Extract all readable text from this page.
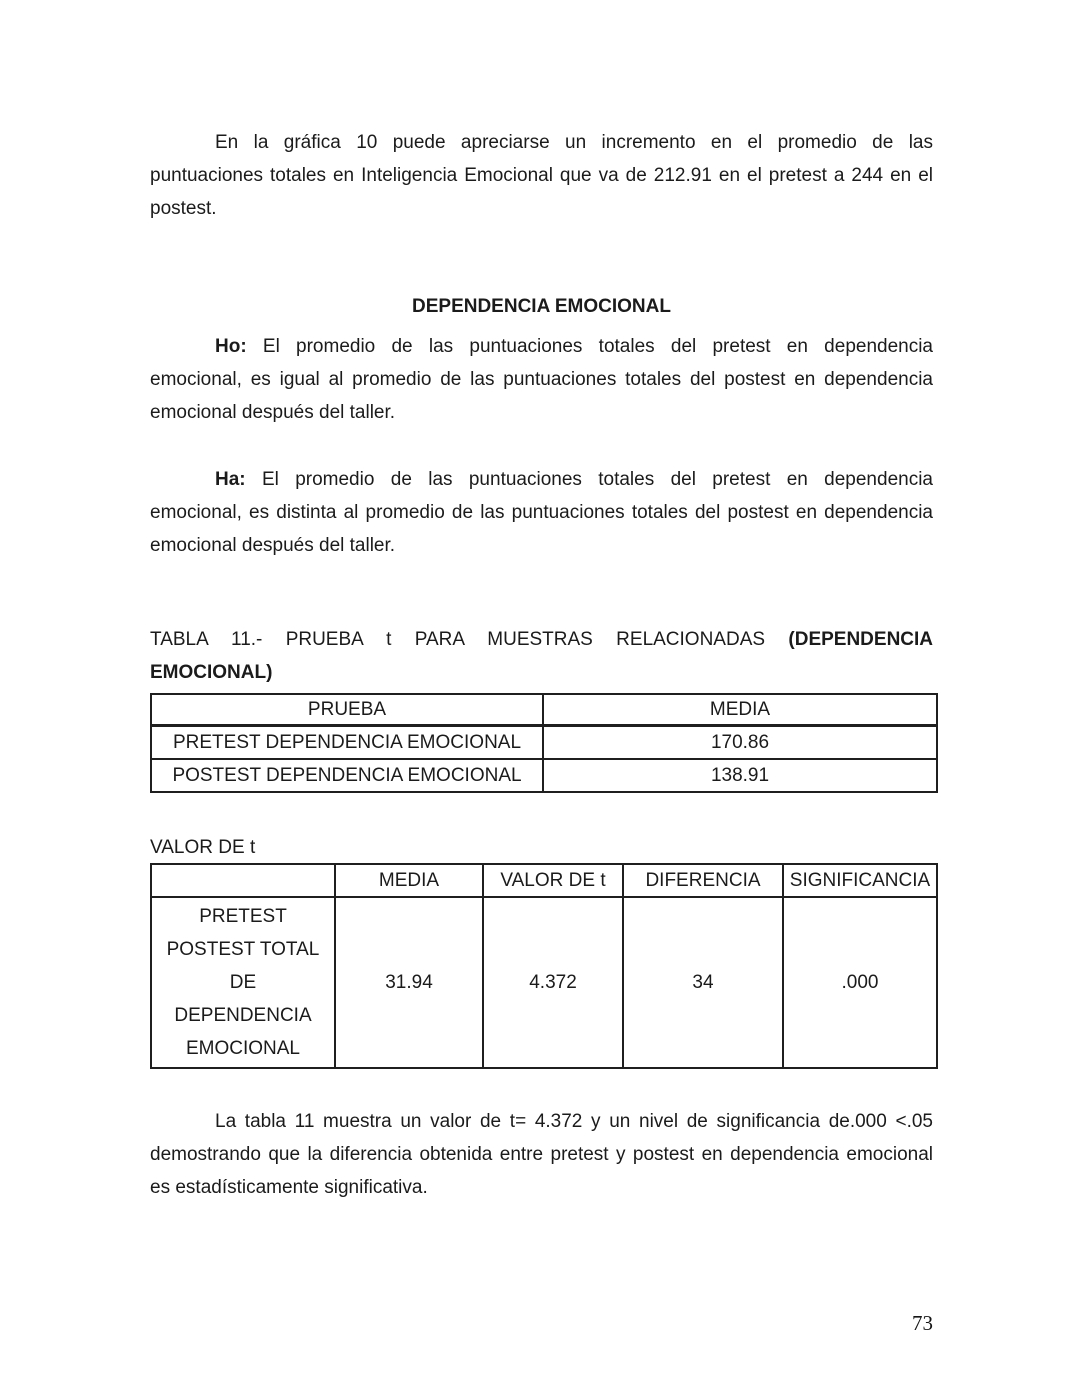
En la gráfica 10 puede apreciarse un incremento en el promedio de las
puntuaciones totales en Inteligencia Emocional que va de 212.91 en el pretest a 244 en el
postest.
DEPENDENCIA EMOCIONAL
Ho: El promedio de las puntuaciones totales del pretest en dependencia
emocional, es igual al promedio de las puntuaciones totales del postest en dependencia
emocional después del taller.
Ha: El promedio de las puntuaciones totales del pretest en dependencia
emocional, es distinta al promedio de las puntuaciones totales del postest en dependencia
emocional después del taller.
TABLA 11.- PRUEBA t PARA MUESTRAS RELACIONADAS (DEPENDENCIA
EMOCIONAL)
PRUEBA	MEDIA
PRETEST DEPENDENCIA EMOCIONAL	170.86
POSTEST DEPENDENCIA EMOCIONAL	138.91
VALOR DE t
	MEDIA	VALOR DE t	DIFERENCIA	SIGNIFICANCIA

PRETEST
POSTEST TOTAL
DE
DEPENDENCIA
EMOCIONAL	31.94	4.372	34	.000
La tabla 11 muestra un valor de t= 4.372 y un nivel de significancia de.000 <.05
demostrando que la diferencia obtenida entre pretest y postest en dependencia emocional
es estadísticamente significativa.
73
